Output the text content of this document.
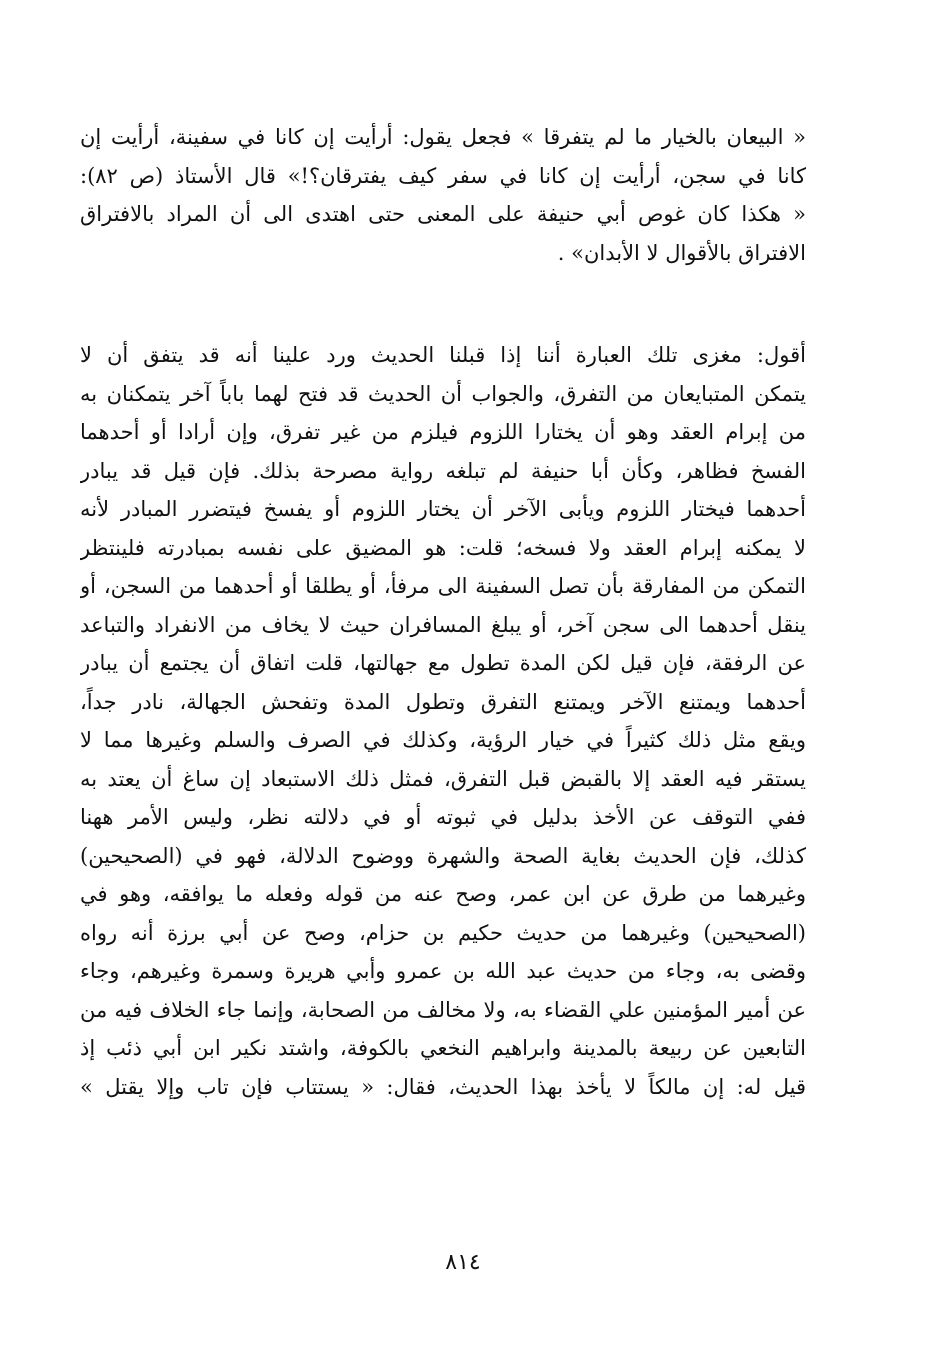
« البيعان بالخيار ما لم يتفرقا » فجعل يقول: أرأيت إن كانا في سفينة، أرأيت إن
كانا في سجن، أرأيت إن كانا في سفر كيف يفترقان؟!» قال الأستاذ (ص ٨٢):
« هكذا كان غوص أبي حنيفة على المعنى حتى اهتدى الى أن المراد بالافتراق
الافتراق بالأقوال لا الأبدان» .
أقول: مغزى تلك العبارة أننا إذا قبلنا الحديث ورد علينا أنه قد يتفق أن لا
يتمكن المتبايعان من التفرق، والجواب أن الحديث قد فتح لهما باباً آخر يتمكنان به
من إبرام العقد وهو أن يختارا اللزوم فيلزم من غير تفرق، وإن أرادا أو أحدهما
الفسخ فظاهر، وكأن أبا حنيفة لم تبلغه رواية مصرحة بذلك. فإن قيل قد يبادر
أحدهما فيختار اللزوم ويأبى الآخر أن يختار اللزوم أو يفسخ فيتضرر المبادر لأنه
لا يمكنه إبرام العقد ولا فسخه؛ قلت: هو المضيق على نفسه بمبادرته فلينتظر
التمكن من المفارقة بأن تصل السفينة الى مرفأ، أو يطلقا أو أحدهما من السجن، أو
ينقل أحدهما الى سجن آخر، أو يبلغ المسافران حيث لا يخاف من الانفراد والتباعد
عن الرفقة، فإن قيل لكن المدة تطول مع جهالتها، قلت اتفاق أن يجتمع أن يبادر
أحدهما ويمتنع الآخر ويمتنع التفرق وتطول المدة وتفحش الجهالة، نادر جداً،
ويقع مثل ذلك كثيراً في خيار الرؤية، وكذلك في الصرف والسلم وغيرها مما لا
يستقر فيه العقد إلا بالقبض قبل التفرق، فمثل ذلك الاستبعاد إن ساغ أن يعتد به
ففي التوقف عن الأخذ بدليل في ثبوته أو في دلالته نظر، وليس الأمر ههنا
كذلك، فإن الحديث بغاية الصحة والشهرة ووضوح الدلالة، فهو في (الصحيحين)
وغيرهما من طرق عن ابن عمر، وصح عنه من قوله وفعله ما يوافقه، وهو في
(الصحيحين) وغيرهما من حديث حكيم بن حزام، وصح عن أبي برزة أنه رواه
وقضى به، وجاء من حديث عبد الله بن عمرو وأبي هريرة وسمرة وغيرهم، وجاء
عن أمير المؤمنين علي القضاء به، ولا مخالف من الصحابة، وإنما جاء الخلاف فيه من
التابعين عن ربيعة بالمدينة وابراهيم النخعي بالكوفة، واشتد نكير ابن أبي ذئب إذ
قيل له: إن مالكاً لا يأخذ بهذا الحديث، فقال: « يستتاب فإن تاب وإلا يقتل »
٨١٤
